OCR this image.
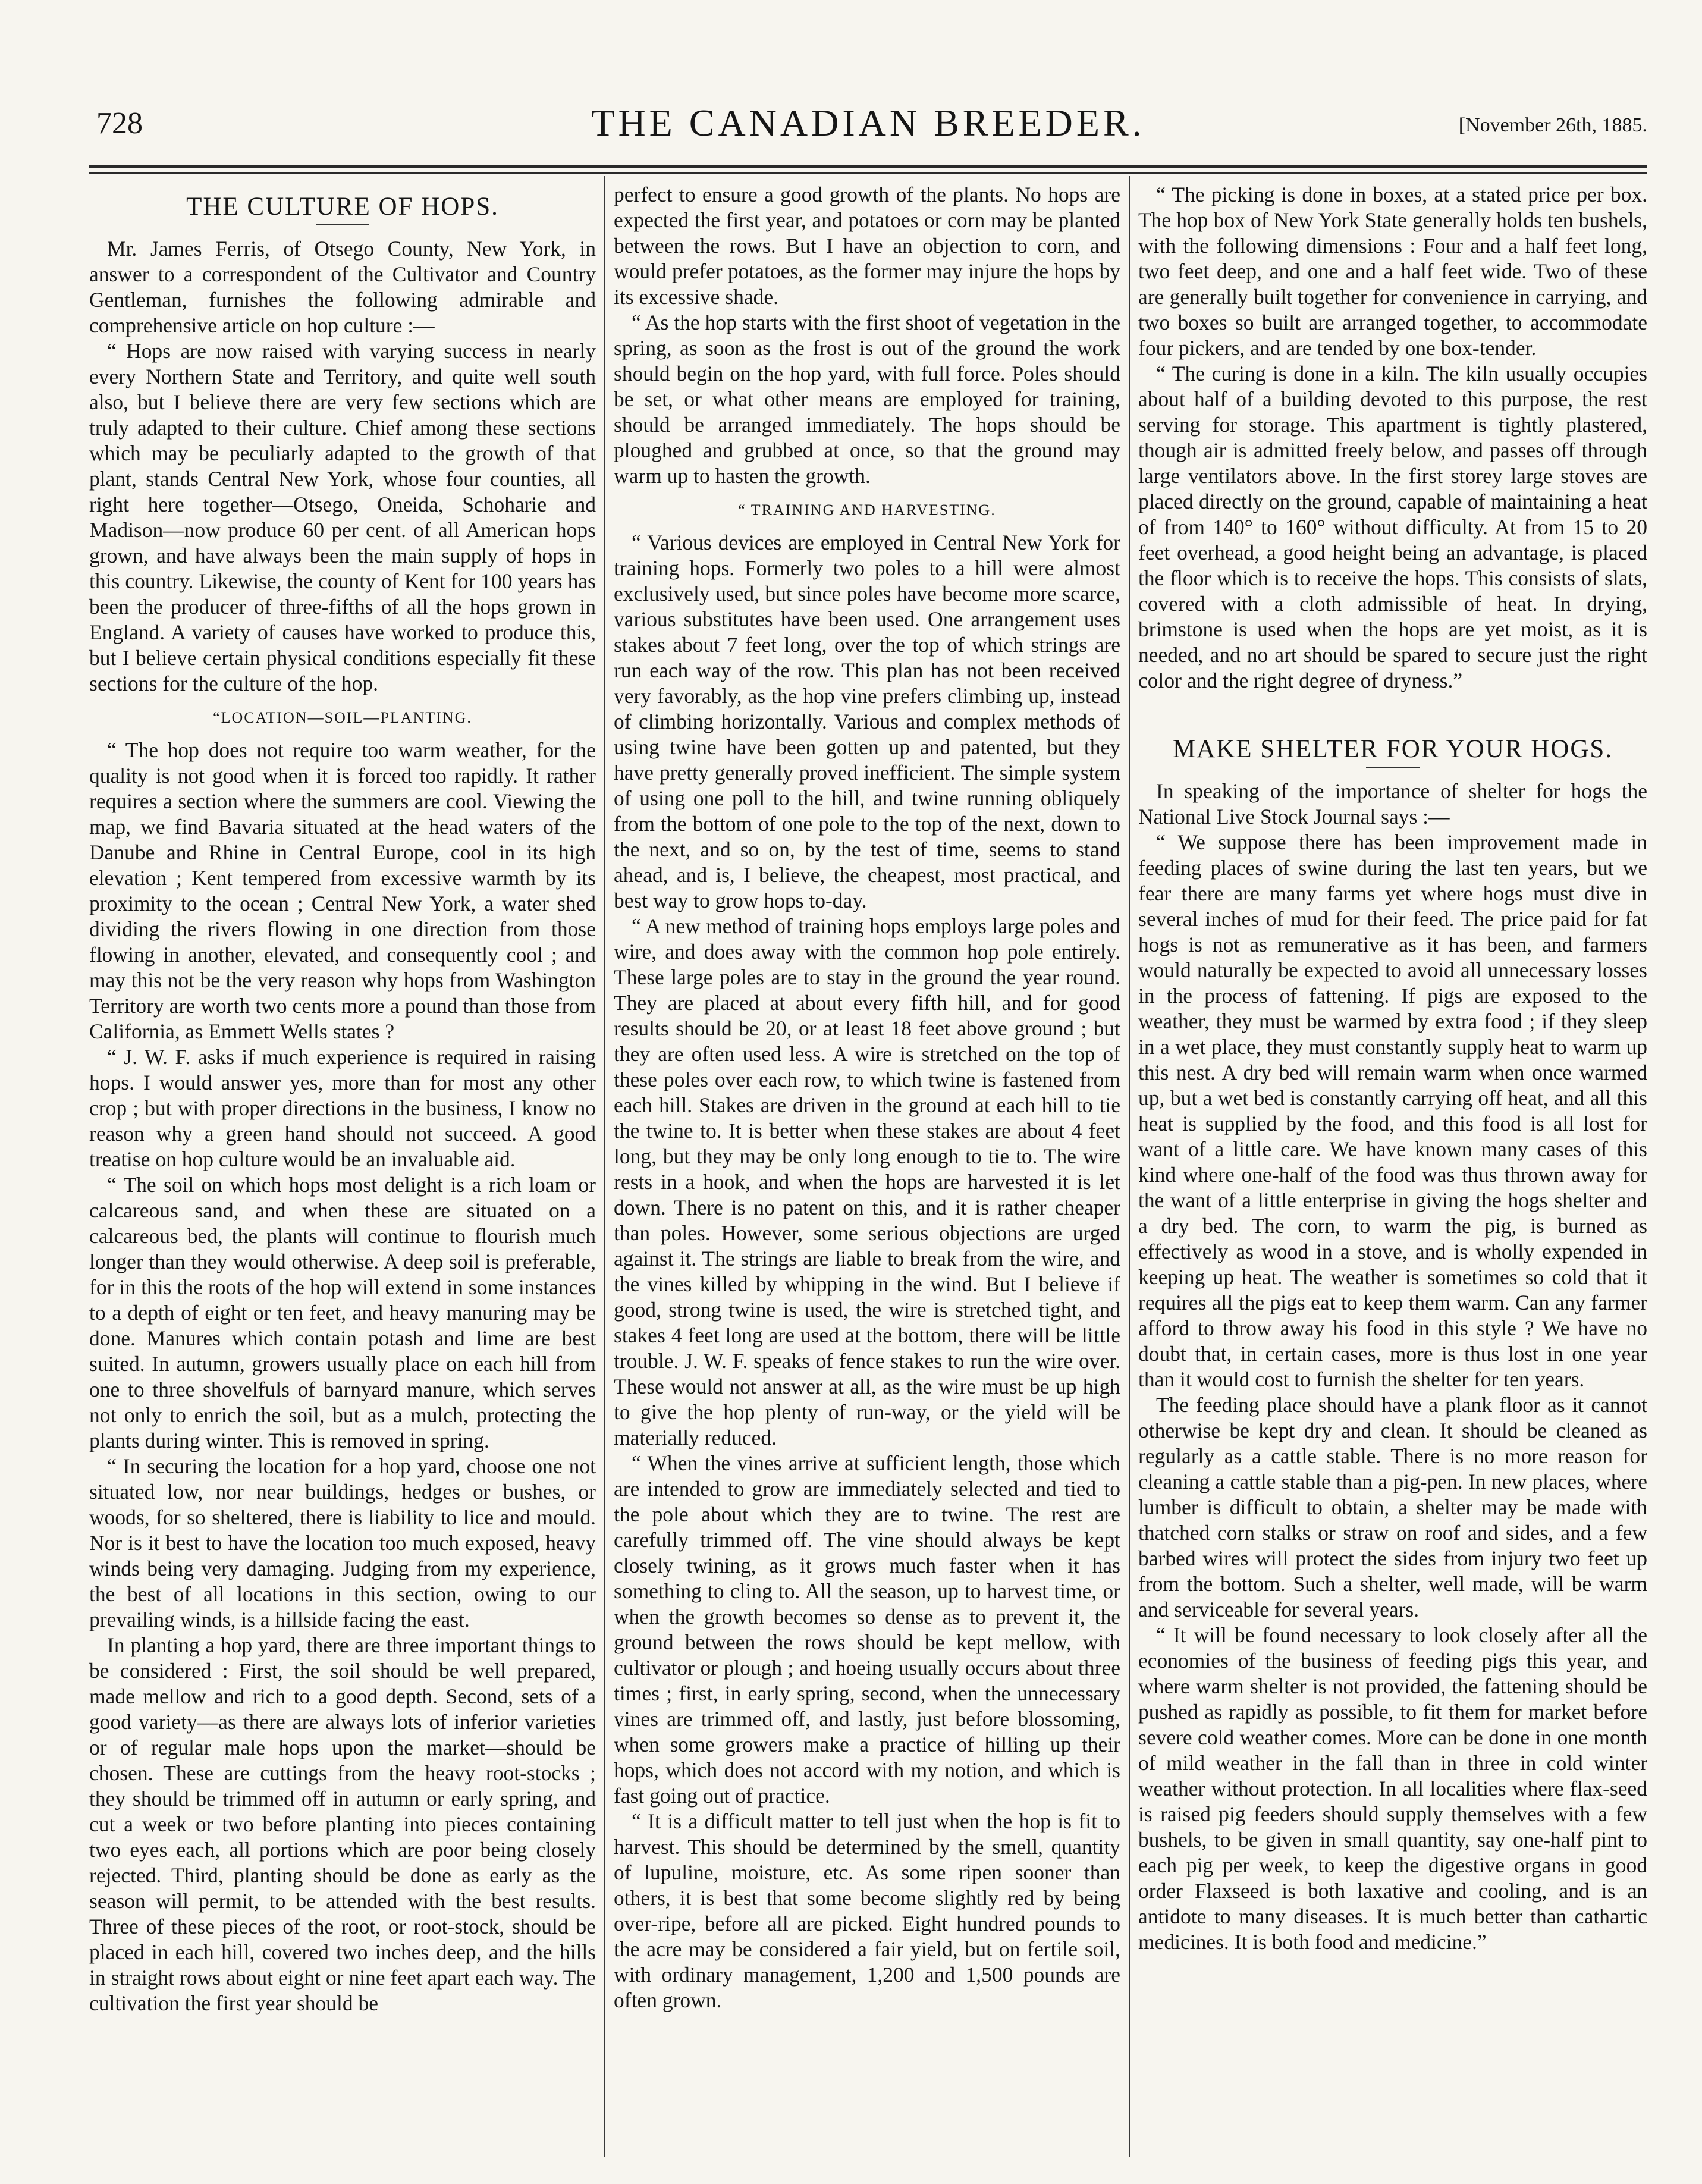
728	THE CANADIAN BREEDER.	[November 26th, 1885.
THE CULTURE OF HOPS.

Mr. James Ferris, of Otsego County, New York, in answer to a correspondent of the Cultivator and Country Gentleman, furnishes the following admirable and comprehensive article on hop culture :—

“ Hops are now raised with varying success in nearly every Northern State and Territory, and quite well south also, but I believe there are very few sections which are truly adapted to their culture. Chief among these sections which may be peculiarly adapted to the growth of that plant, stands Central New York, whose four counties, all right here together—Otsego, Oneida, Schoharie and Madison—now produce 60 per cent. of all American hops grown, and have always been the main supply of hops in this country. Likewise, the county of Kent for 100 years has been the producer of three-fifths of all the hops grown in England. A variety of causes have worked to produce this, but I believe certain physical conditions especially fit these sections for the culture of the hop.

“LOCATION—SOIL—PLANTING.

“ The hop does not require too warm weather, for the quality is not good when it is forced too rapidly. It rather requires a section where the summers are cool. Viewing the map, we find Bavaria situated at the head waters of the Danube and Rhine in Central Europe, cool in its high elevation ; Kent tempered from excessive warmth by its proximity to the ocean ; Central New York, a water shed dividing the rivers flowing in one direction from those flowing in another, elevated, and consequently cool ; and may this not be the very reason why hops from Washington Territory are worth two cents more a pound than those from California, as Emmett Wells states ?

“ J. W. F. asks if much experience is required in raising hops. I would answer yes, more than for most any other crop ; but with proper directions in the business, I know no reason why a green hand should not succeed. A good treatise on hop culture would be an invaluable aid.

“ The soil on which hops most delight is a rich loam or calcareous sand, and when these are situated on a calcareous bed, the plants will continue to flourish much longer than they would otherwise. A deep soil is preferable, for in this the roots of the hop will extend in some instances to a depth of eight or ten feet, and heavy manuring may be done. Manures which contain potash and lime are best suited. In autumn, growers usually place on each hill from one to three shovelfuls of barnyard manure, which serves not only to enrich the soil, but as a mulch, protecting the plants during winter. This is removed in spring.

“ In securing the location for a hop yard, choose one not situated low, nor near buildings, hedges or bushes, or woods, for so sheltered, there is liability to lice and mould. Nor is it best to have the location too much exposed, heavy winds being very damaging. Judging from my experience, the best of all locations in this section, owing to our prevailing winds, is a hillside facing the east.

In planting a hop yard, there are three important things to be considered : First, the soil should be well prepared, made mellow and rich to a good depth. Second, sets of a good variety—as there are always lots of inferior varieties or of regular male hops upon the market—should be chosen. These are cuttings from the heavy root-stocks ; they should be trimmed off in autumn or early spring, and cut a week or two before planting into pieces containing two eyes each, all portions which are poor being closely rejected. Third, planting should be done as early as the season will permit, to be attended with the best results. Three of these pieces of the root, or root-stock, should be placed in each hill, covered two inches deep, and the hills in straight rows about eight or nine feet apart each way. The cultivation the first year should be

perfect to ensure a good growth of the plants. No hops are expected the first year, and potatoes or corn may be planted between the rows. But I have an objection to corn, and would prefer potatoes, as the former may injure the hops by its excessive shade.

“ As the hop starts with the first shoot of vegetation in the spring, as soon as the frost is out of the ground the work should begin on the hop yard, with full force. Poles should be set, or what other means are employed for training, should be arranged immediately. The hops should be ploughed and grubbed at once, so that the ground may warm up to hasten the growth.

“ TRAINING AND HARVESTING.

“ Various devices are employed in Central New York for training hops. Formerly two poles to a hill were almost exclusively used, but since poles have become more scarce, various substitutes have been used. One arrangement uses stakes about 7 feet long, over the top of which strings are run each way of the row. This plan has not been received very favorably, as the hop vine prefers climbing up, instead of climbing horizontally. Various and complex methods of using twine have been gotten up and patented, but they have pretty generally proved inefficient. The simple system of using one poll to the hill, and twine running obliquely from the bottom of one pole to the top of the next, down to the next, and so on, by the test of time, seems to stand ahead, and is, I believe, the cheapest, most practical, and best way to grow hops to-day.

“ A new method of training hops employs large poles and wire, and does away with the common hop pole entirely. These large poles are to stay in the ground the year round. They are placed at about every fifth hill, and for good results should be 20, or at least 18 feet above ground ; but they are often used less. A wire is stretched on the top of these poles over each row, to which twine is fastened from each hill. Stakes are driven in the ground at each hill to tie the twine to. It is better when these stakes are about 4 feet long, but they may be only long enough to tie to. The wire rests in a hook, and when the hops are harvested it is let down. There is no patent on this, and it is rather cheaper than poles. However, some serious objections are urged against it. The strings are liable to break from the wire, and the vines killed by whipping in the wind. But I believe if good, strong twine is used, the wire is stretched tight, and stakes 4 feet long are used at the bottom, there will be little trouble. J. W. F. speaks of fence stakes to run the wire over. These would not answer at all, as the wire must be up high to give the hop plenty of run-way, or the yield will be materially reduced.

“ When the vines arrive at sufficient length, those which are intended to grow are immediately selected and tied to the pole about which they are to twine. The rest are carefully trimmed off. The vine should always be kept closely twining, as it grows much faster when it has something to cling to. All the season, up to harvest time, or when the growth becomes so dense as to prevent it, the ground between the rows should be kept mellow, with cultivator or plough ; and hoeing usually occurs about three times ; first, in early spring, second, when the unnecessary vines are trimmed off, and lastly, just before blossoming, when some growers make a practice of hilling up their hops, which does not accord with my notion, and which is fast going out of practice.

“ It is a difficult matter to tell just when the hop is fit to harvest. This should be determined by the smell, quantity of lupuline, moisture, etc. As some ripen sooner than others, it is best that some become slightly red by being over-ripe, before all are picked. Eight hundred pounds to the acre may be considered a fair yield, but on fertile soil, with ordinary management, 1,200 and 1,500 pounds are often grown.

“ The picking is done in boxes, at a stated price per box. The hop box of New York State generally holds ten bushels, with the following dimensions : Four and a half feet long, two feet deep, and one and a half feet wide. Two of these are generally built together for convenience in carrying, and two boxes so built are arranged together, to accommodate four pickers, and are tended by one box-tender.

“ The curing is done in a kiln. The kiln usually occupies about half of a building devoted to this purpose, the rest serving for storage. This apartment is tightly plastered, though air is admitted freely below, and passes off through large ventilators above. In the first storey large stoves are placed directly on the ground, capable of maintaining a heat of from 140° to 160° without difficulty. At from 15 to 20 feet overhead, a good height being an advantage, is placed the floor which is to receive the hops. This consists of slats, covered with a cloth admissible of heat. In drying, brimstone is used when the hops are yet moist, as it is needed, and no art should be spared to secure just the right color and the right degree of dryness.”

MAKE SHELTER FOR YOUR HOGS.

In speaking of the importance of shelter for hogs the National Live Stock Journal says :—

“ We suppose there has been improvement made in feeding places of swine during the last ten years, but we fear there are many farms yet where hogs must dive in several inches of mud for their feed. The price paid for fat hogs is not as remunerative as it has been, and farmers would naturally be expected to avoid all unnecessary losses in the process of fattening. If pigs are exposed to the weather, they must be warmed by extra food ; if they sleep in a wet place, they must constantly supply heat to warm up this nest. A dry bed will remain warm when once warmed up, but a wet bed is constantly carrying off heat, and all this heat is supplied by the food, and this food is all lost for want of a little care. We have known many cases of this kind where one-half of the food was thus thrown away for the want of a little enterprise in giving the hogs shelter and a dry bed. The corn, to warm the pig, is burned as effectively as wood in a stove, and is wholly expended in keeping up heat. The weather is sometimes so cold that it requires all the pigs eat to keep them warm. Can any farmer afford to throw away his food in this style ? We have no doubt that, in certain cases, more is thus lost in one year than it would cost to furnish the shelter for ten years.

The feeding place should have a plank floor as it cannot otherwise be kept dry and clean. It should be cleaned as regularly as a cattle stable. There is no more reason for cleaning a cattle stable than a pig-pen. In new places, where lumber is difficult to obtain, a shelter may be made with thatched corn stalks or straw on roof and sides, and a few barbed wires will protect the sides from injury two feet up from the bottom. Such a shelter, well made, will be warm and serviceable for several years.

“ It will be found necessary to look closely after all the economies of the business of feeding pigs this year, and where warm shelter is not provided, the fattening should be pushed as rapidly as possible, to fit them for market before severe cold weather comes. More can be done in one month of mild weather in the fall than in three in cold winter weather without protection. In all localities where flax-seed is raised pig feeders should supply themselves with a few bushels, to be given in small quantity, say one-half pint to each pig per week, to keep the digestive organs in good order Flaxseed is both laxative and cooling, and is an antidote to many diseases. It is much better than cathartic medicines. It is both food and medicine.”
